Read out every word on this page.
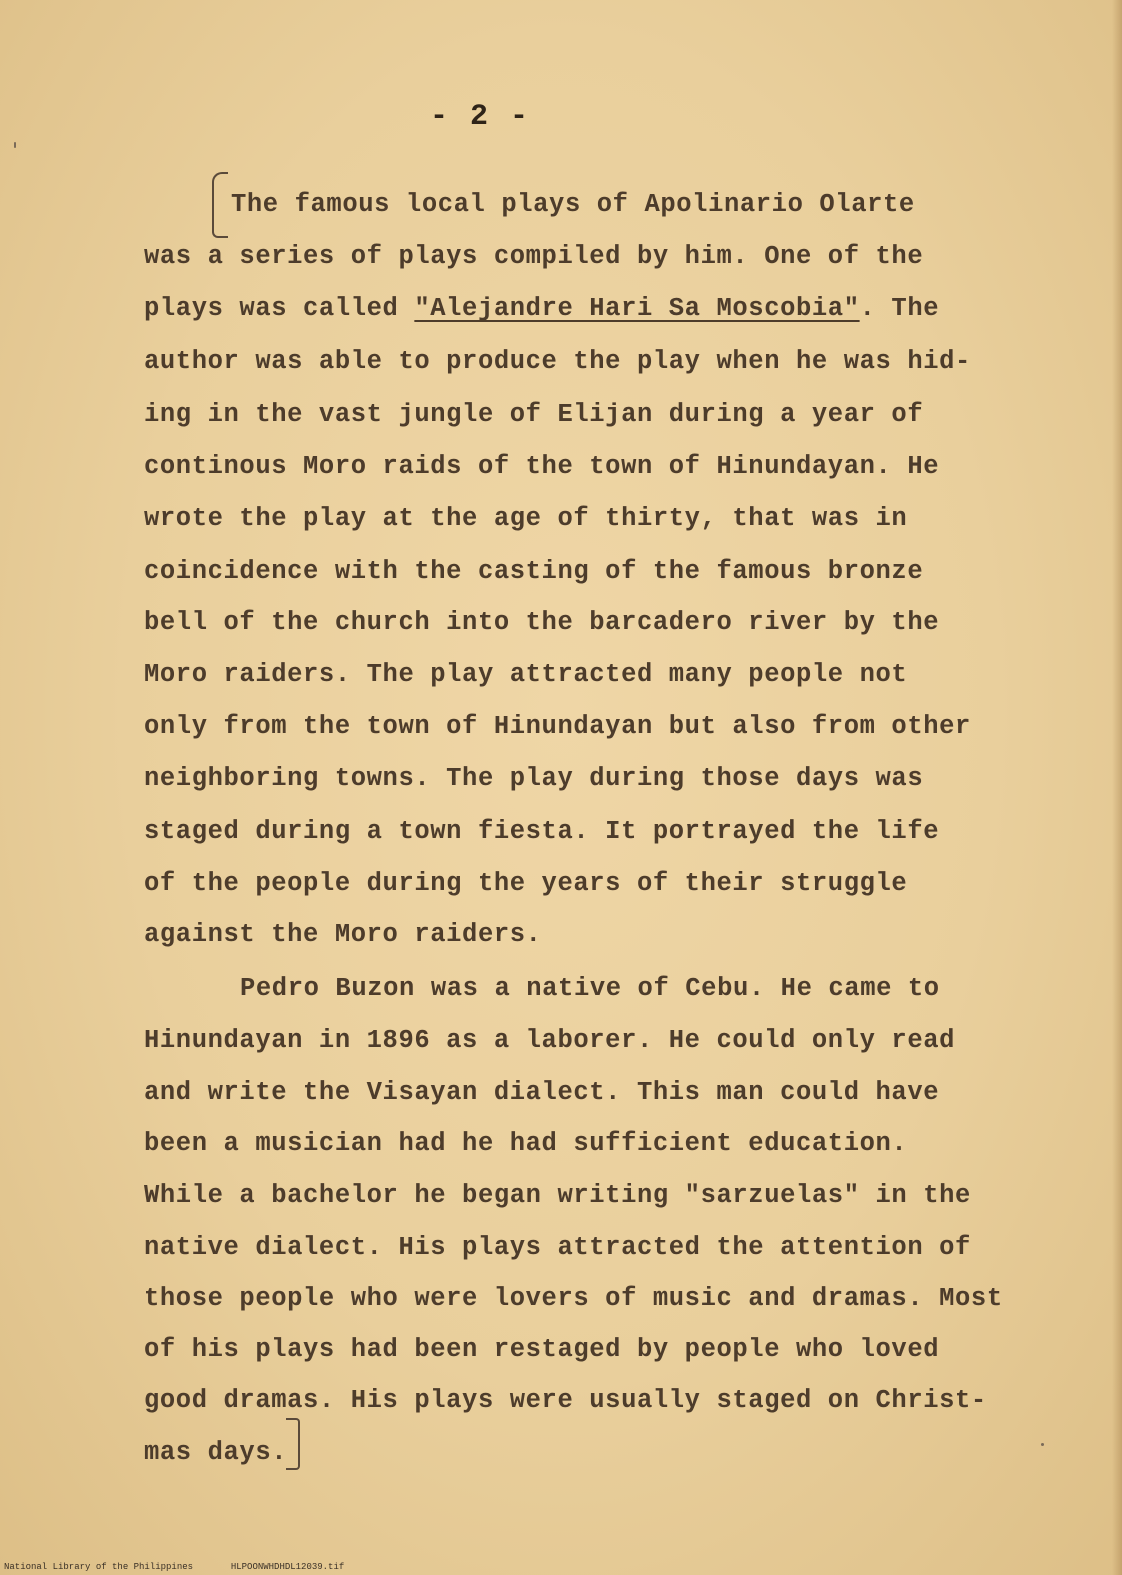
- 2 -
The famous local plays of Apolinario Olarte
was a series of plays compiled by him. One of the
plays was called "Alejandre Hari Sa Moscobia". The
author was able to produce the play when he was hid-
ing in the vast jungle of Elijan during a year of
continous Moro raids of the town of Hinundayan. He
wrote the play at the age of thirty, that was in
coincidence with the casting of the famous bronze
bell of the church into the barcadero river by the
Moro raiders. The play attracted many people not
only from the town of Hinundayan but also from other
neighboring towns. The play during those days was
staged during a town fiesta. It portrayed the life
of the people during the years of their struggle
against the Moro raiders.
Pedro Buzon was a native of Cebu. He came to
Hinundayan in 1896 as a laborer. He could only read
and write the Visayan dialect. This man could have
been a musician had he had sufficient education.
While a bachelor he began writing "sarzuelas" in the
native dialect. His plays attracted the attention of
those people who were lovers of music and dramas. Most
of his plays had been restaged by people who loved
good dramas. His plays were usually staged on Christ-
mas days.
National Library of the Philippines	HLPOONWHDHDL12039.tif
